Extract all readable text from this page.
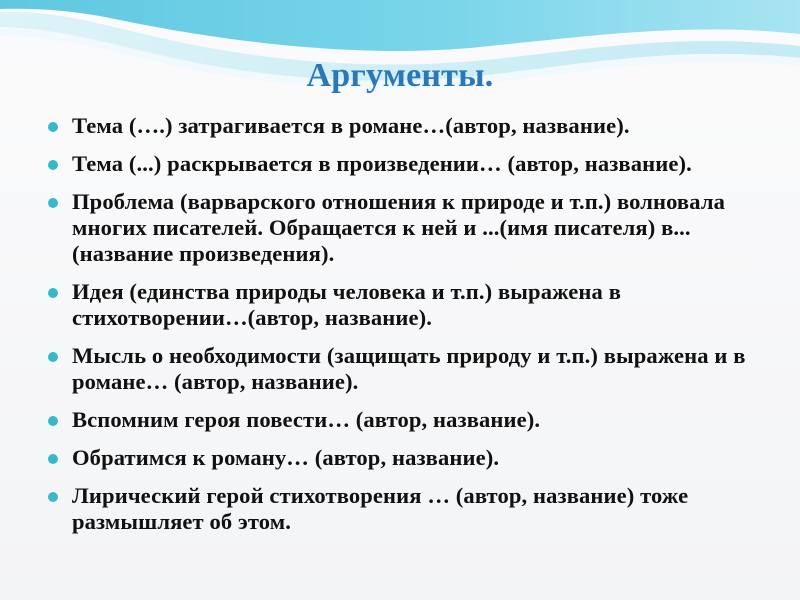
Аргументы.
Тема (….) затрагивается в романе…(автор, название).
Тема (...) раскрывается в произведении… (автор, название).
Проблема (варварского отношения к природе и т.п.) волновала многих писателей. Обращается к ней и ...(имя писателя) в...(название произведения).
Идея (единства природы человека и т.п.) выражена в стихотворении…(автор, название).
Мысль о необходимости (защищать природу и т.п.) выражена и в романе… (автор, название).
Вспомним героя повести… (автор, название).
Обратимся к роману… (автор, название).
Лирический герой стихотворения … (автор, название) тоже размышляет об этом.
